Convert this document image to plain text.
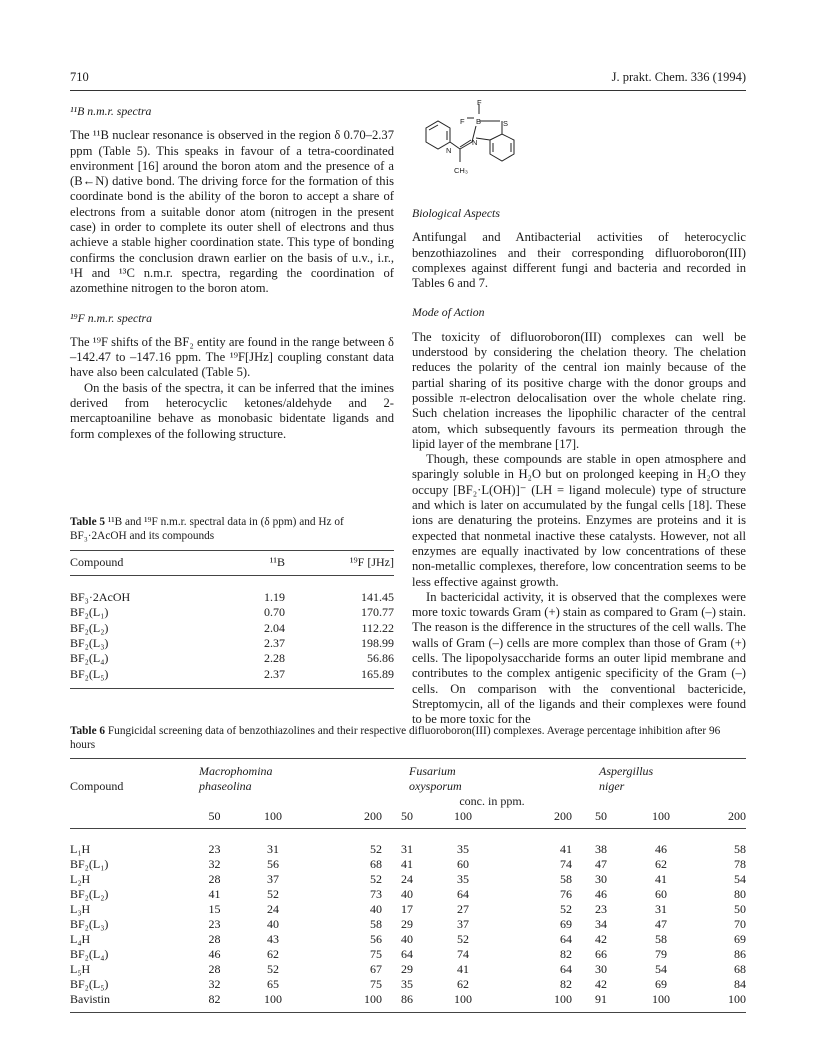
710	J. prakt. Chem. 336 (1994)
¹¹B n.m.r. spectra

The ¹¹B nuclear resonance is observed in the region δ 0.70–2.37 ppm (Table 5). This speaks in favour of a tetra-coordinated environment [16] around the boron atom and the presence of a (B←N) dative bond. The driving force for the formation of this coordinate bond is the ability of the boron to accept a share of electrons from a suitable donor atom (nitrogen in the present case) in order to complete its outer shell of electrons and thus achieve a stable higher coordination state. This type of bonding confirms the conclusion drawn earlier on the basis of u.v., i.r., ¹H and ¹³C n.m.r. spectra, regarding the coordination of azomethine nitrogen to the boron atom.

¹⁹F n.m.r. spectra

The ¹⁹F shifts of the BF₂ entity are found in the range between δ –142.47 to –147.16 ppm. The ¹⁹F[JHz] coupling constant data have also been calculated (Table 5).

On the basis of the spectra, it can be inferred that the imines derived from heterocyclic ketones/aldehyde and 2-mercaptoaniline behave as monobasic bidentate ligands and form complexes of the following structure.

Table 5 ¹¹B and ¹⁹F n.m.r. spectral data in (δ ppm) and Hz of BF₃·2AcOH and its compounds
Compound	¹¹B	¹⁹F [JHz]

BF₃·2AcOH	1.19	141.45
BF₂(L₁)	0.70	170.77
BF₂(L₂)	2.04	112.22
BF₂(L₃)	2.37	198.99
BF₂(L₄)	2.28	56.86
BF₂(L₅)	2.37	165.89
F
F B	S
N
N
CH₃
Biological Aspects

Antifungal and Antibacterial activities of heterocyclic benzothiazolines and their corresponding difluoroboron(III) complexes against different fungi and bacteria and recorded in Tables 6 and 7.

Mode of Action

The toxicity of difluoroboron(III) complexes can well be understood by considering the chelation theory. The chelation reduces the polarity of the central ion mainly because of the partial sharing of its positive charge with the donor groups and possible π-electron delocalisation over the whole chelate ring. Such chelation increases the lipophilic character of the central atom, which subsequently favours its permeation through the lipid layer of the membrane [17].

Though, these compounds are stable in open atmosphere and sparingly soluble in H₂O but on prolonged keeping in H₂O they occupy [BF₂·L(OH)]⁻ (LH = ligand molecule) type of structure and which is later on accumulated by the fungal cells [18]. These ions are denaturing the proteins. Enzymes are proteins and it is expected that nonmetal inactive these catalysts. However, not all enzymes are equally inactivated by low concentrations of these non-metallic complexes, therefore, low concentration seems to be less effective against growth.

In bactericidal activity, it is observed that the complexes were more toxic towards Gram (+) stain as compared to Gram (–) stain. The reason is the difference in the structures of the cell walls. The walls of Gram (–) cells are more complex than those of Gram (+) cells. The lipopolysaccharide forms an outer lipid membrane and contributes to the complex antigenic specificity of the Gram (–) cells. On comparison with the conventional bactericide, Streptomycin, all of the ligands and their complexes were found to be more toxic for the

Table 6 Fungicidal screening data of benzothiazolines and their respective difluoroboron(III) complexes. Average percentage inhibition after 96 hours
	Macrophomina			Fusarium			Aspergillus		
Compound	phaseolina			oxysporum			niger		
				conc. in ppm.					
	50	100	200	50	100	200	50	100	200

L₁H	23	31	52	31	35	41	38	46	58
BF₂(L₁)	32	56	68	41	60	74	47	62	78
L₂H	28	37	52	24	35	58	30	41	54
BF₂(L₂)	41	52	73	40	64	76	46	60	80
L₃H	15	24	40	17	27	52	23	31	50
BF₂(L₃)	23	40	58	29	37	69	34	47	70
L₄H	28	43	56	40	52	64	42	58	69
BF₂(L₄)	46	62	75	64	74	82	66	79	86
L₅H	28	52	67	29	41	64	30	54	68
BF₂(L₅)	32	65	75	35	62	82	42	69	84
Bavistin	82	100	100	86	100	100	91	100	100
